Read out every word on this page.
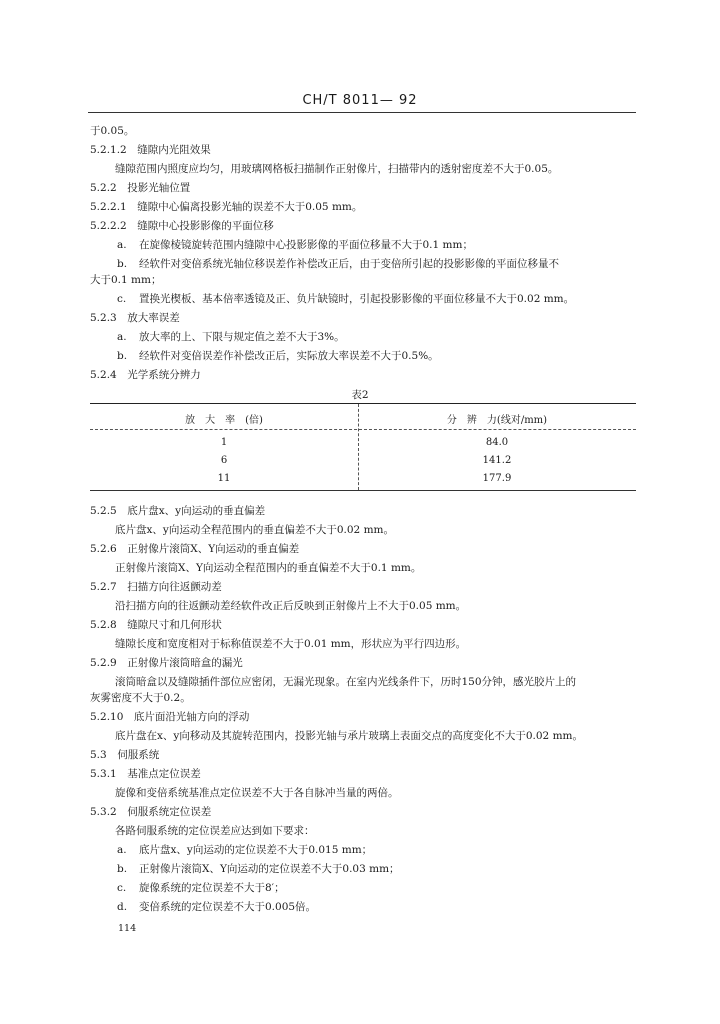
CH/T 8011— 92
于0.05。
5.2.1.2　缝隙内光阻效果
缝隙范围内照度应均匀，用玻璃网格板扫描制作正射像片，扫描带内的透射密度差不大于0.05。
5.2.2　投影光轴位置
5.2.2.1　缝隙中心偏离投影光轴的误差不大于0.05 mm。
5.2.2.2　缝隙中心投影影像的平面位移
a. 在旋像棱镜旋转范围内缝隙中心投影影像的平面位移量不大于0.1 mm；
b. 经软件对变倍系统光轴位移误差作补偿改正后，由于变倍所引起的投影影像的平面位移量不
大于0.1 mm；
c. 置换光楔板、基本倍率透镜及正、负片缺镜时，引起投影影像的平面位移量不大于0.02 mm。
5.2.3　放大率误差
a. 放大率的上、下限与规定值之差不大于3%。
b. 经软件对变倍误差作补偿改正后，实际放大率误差不大于0.5%。
5.2.4　光学系统分辨力
表2
放　大　率　(倍)	分　辨　力(线对/mm)
1	84.0
6	141.2
11	177.9
5.2.5　底片盘x、y向运动的垂直偏差
底片盘x、y向运动全程范围内的垂直偏差不大于0.02 mm。
5.2.6　正射像片滚筒X、Y向运动的垂直偏差
正射像片滚筒X、Y向运动全程范围内的垂直偏差不大于0.1 mm。
5.2.7　扫描方向往返颤动差
沿扫描方向的往返颤动差经软件改正后反映到正射像片上不大于0.05 mm。
5.2.8　缝隙尺寸和几何形状
缝隙长度和宽度相对于标称值误差不大于0.01 mm，形状应为平行四边形。
5.2.9　正射像片滚筒暗盒的漏光
滚筒暗盒以及缝隙插件部位应密闭，无漏光现象。在室内光线条件下，历时150分钟，感光胶片上的
灰雾密度不大于0.2。
5.2.10　底片面沿光轴方向的浮动
底片盘在x、y向移动及其旋转范围内，投影光轴与承片玻璃上表面交点的高度变化不大于0.02 mm。
5.3　伺服系统
5.3.1　基准点定位误差
旋像和变倍系统基准点定位误差不大于各自脉冲当量的两倍。
5.3.2　伺服系统定位误差
各路伺服系统的定位误差应达到如下要求：
a. 底片盘x、y向运动的定位误差不大于0.015 mm；
b. 正射像片滚筒X、Y向运动的定位误差不大于0.03 mm；
c. 旋像系统的定位误差不大于8′；
d. 变倍系统的定位误差不大于0.005倍。
114
